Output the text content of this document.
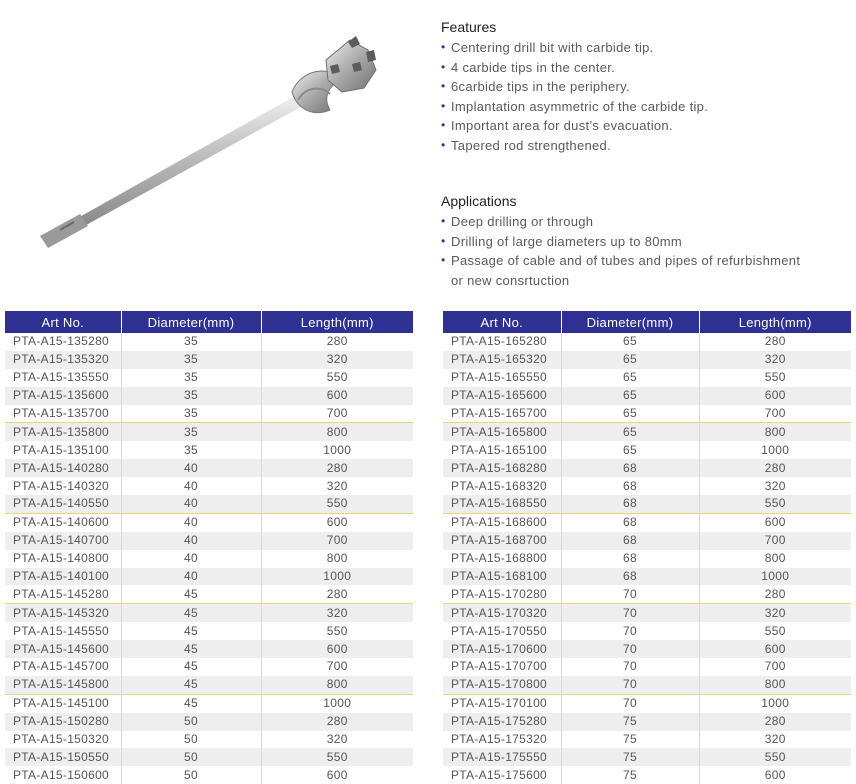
Features
• Centering drill bit with carbide tip.
• 4 carbide tips in the center.
• 6carbide tips in the periphery.
• Implantation asymmetric of the carbide tip.
• Important area for dust’s evacuation.
• Tapered rod strengthened.
Applications
• Deep drilling or through
• Drilling of large diameters up to 80mm
• Passage of cable and of tubes and pipes of refurbishment
or new consrtuction
Art No.	Diameter(mm)	Length(mm)
PTA-A15-135280	35	280
PTA-A15-135320	35	320
PTA-A15-135550	35	550
PTA-A15-135600	35	600
PTA-A15-135700	35	700
PTA-A15-135800	35	800
PTA-A15-135100	35	1000
PTA-A15-140280	40	280
PTA-A15-140320	40	320
PTA-A15-140550	40	550
PTA-A15-140600	40	600
PTA-A15-140700	40	700
PTA-A15-140800	40	800
PTA-A15-140100	40	1000
PTA-A15-145280	45	280
PTA-A15-145320	45	320
PTA-A15-145550	45	550
PTA-A15-145600	45	600
PTA-A15-145700	45	700
PTA-A15-145800	45	800
PTA-A15-145100	45	1000
PTA-A15-150280	50	280
PTA-A15-150320	50	320
PTA-A15-150550	50	550
PTA-A15-150600	50	600
Art No.	Diameter(mm)	Length(mm)
PTA-A15-165280	65	280
PTA-A15-165320	65	320
PTA-A15-165550	65	550
PTA-A15-165600	65	600
PTA-A15-165700	65	700
PTA-A15-165800	65	800
PTA-A15-165100	65	1000
PTA-A15-168280	68	280
PTA-A15-168320	68	320
PTA-A15-168550	68	550
PTA-A15-168600	68	600
PTA-A15-168700	68	700
PTA-A15-168800	68	800
PTA-A15-168100	68	1000
PTA-A15-170280	70	280
PTA-A15-170320	70	320
PTA-A15-170550	70	550
PTA-A15-170600	70	600
PTA-A15-170700	70	700
PTA-A15-170800	70	800
PTA-A15-170100	70	1000
PTA-A15-175280	75	280
PTA-A15-175320	75	320
PTA-A15-175550	75	550
PTA-A15-175600	75	600
